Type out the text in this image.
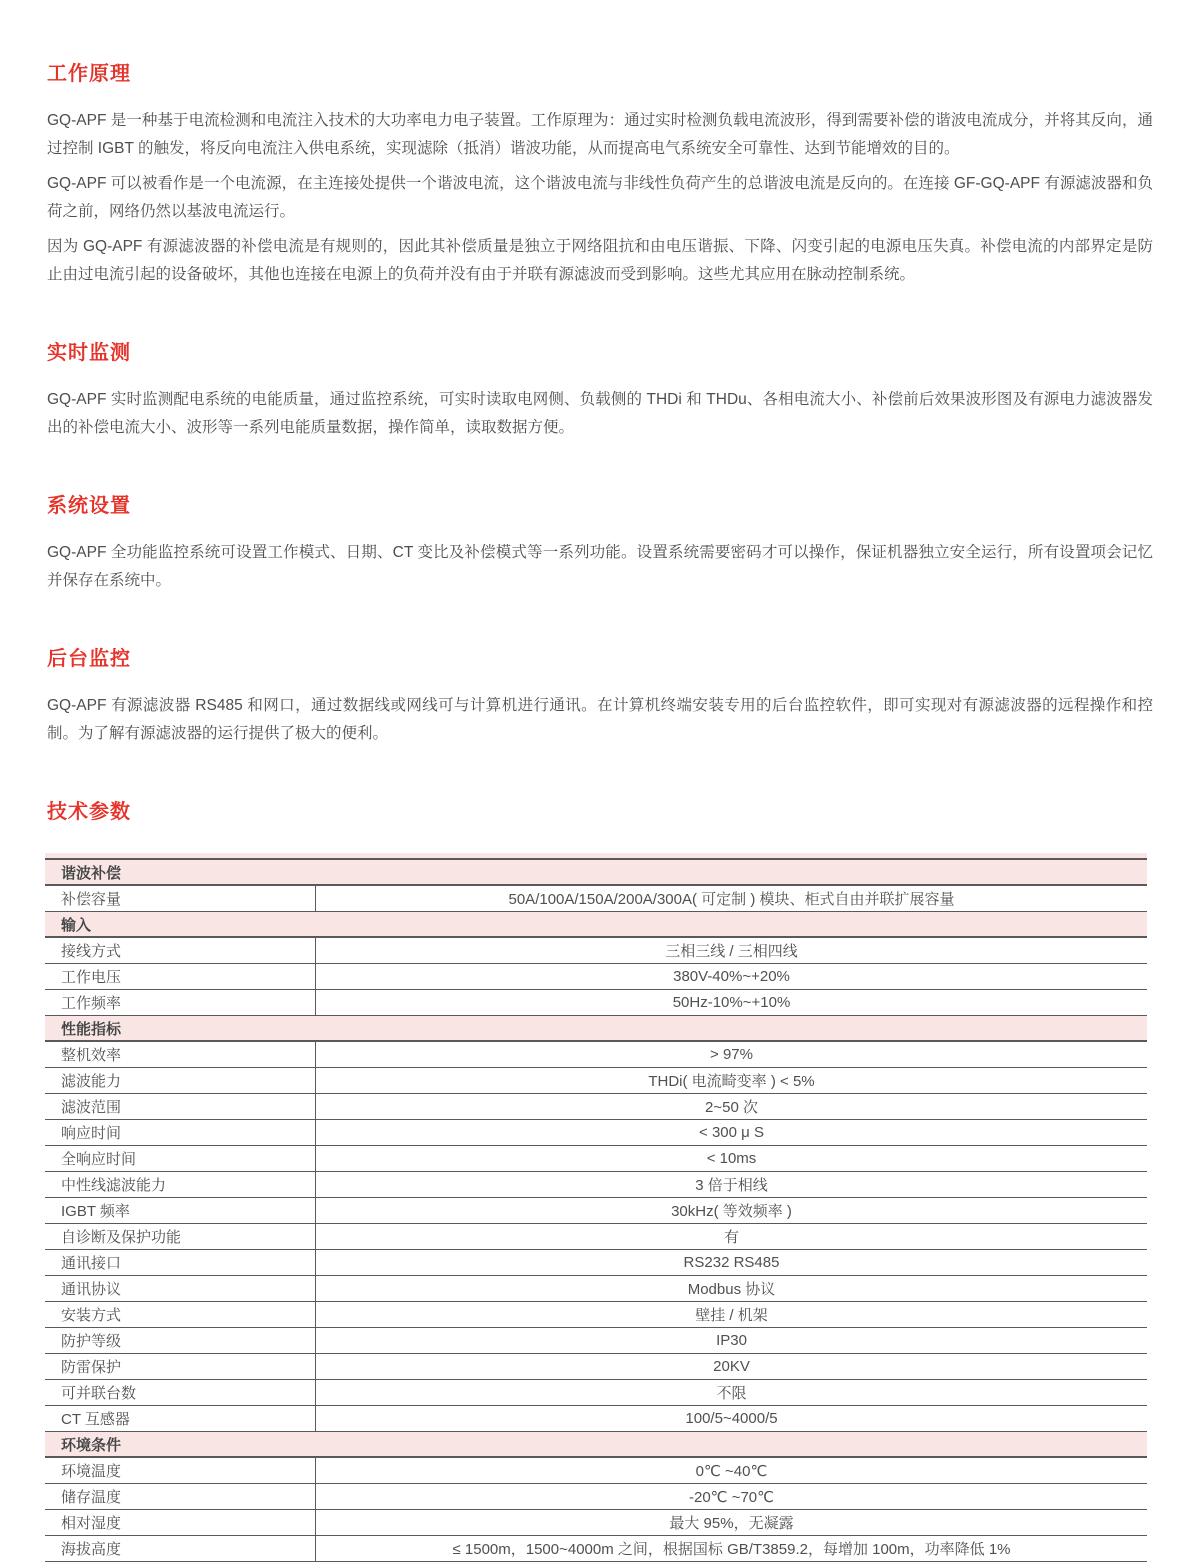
工作原理

GQ-APF 是一种基于电流检测和电流注入技术的大功率电力电子装置。工作原理为：通过实时检测负载电流波形，得到需要补偿的谐波电流成分，并将其反向，通过控制 IGBT 的触发，将反向电流注入供电系统，实现滤除（抵消）谐波功能，从而提高电气系统安全可靠性、达到节能增效的目的。

GQ-APF 可以被看作是一个电流源，在主连接处提供一个谐波电流，这个谐波电流与非线性负荷产生的总谐波电流是反向的。在连接 GF-GQ-APF 有源滤波器和负荷之前，网络仍然以基波电流运行。

因为 GQ-APF 有源滤波器的补偿电流是有规则的，因此其补偿质量是独立于网络阻抗和由电压谐振、下降、闪变引起的电源电压失真。补偿电流的内部界定是防止由过电流引起的设备破坏，其他也连接在电源上的负荷并没有由于并联有源滤波而受到影响。这些尤其应用在脉动控制系统。

实时监测

GQ-APF 实时监测配电系统的电能质量，通过监控系统，可实时读取电网侧、负载侧的 THDi 和 THDu、各相电流大小、补偿前后效果波形图及有源电力滤波器发出的补偿电流大小、波形等一系列电能质量数据，操作简单，读取数据方便。

系统设置

GQ-APF 全功能监控系统可设置工作模式、日期、CT 变比及补偿模式等一系列功能。设置系统需要密码才可以操作，保证机器独立安全运行，所有设置项会记忆并保存在系统中。

后台监控

GQ-APF 有源滤波器 RS485 和网口，通过数据线或网线可与计算机进行通讯。在计算机终端安装专用的后台监控软件，即可实现对有源滤波器的远程操作和控制。为了解有源滤波器的运行提供了极大的便利。

技术参数
谐波补偿
补偿容量	50A/100A/150A/200A/300A( 可定制 ) 模块、柜式自由并联扩展容量
输入
接线方式	三相三线 / 三相四线
工作电压	380V-40%~+20%
工作频率	50Hz-10%~+10%
性能指标
整机效率	> 97%
滤波能力	THDi( 电流畸变率 ) < 5%
滤波范围	2~50 次
响应时间	< 300 μ S
全响应时间	< 10ms
中性线滤波能力	3 倍于相线
IGBT 频率	30kHz( 等效频率 )
自诊断及保护功能	有
通讯接口	RS232 RS485
通讯协议	Modbus 协议
安装方式	壁挂 / 机架
防护等级	IP30
防雷保护	20KV
可并联台数	不限
CT 互感器	100/5~4000/5
环境条件
环境温度	0℃ ~40℃
储存温度	-20℃ ~70℃
相对湿度	最大 95%，无凝露
海拔高度	≤ 1500m，1500~4000m 之间，根据国标 GB/T3859.2，每增加 100m，功率降低 1%
